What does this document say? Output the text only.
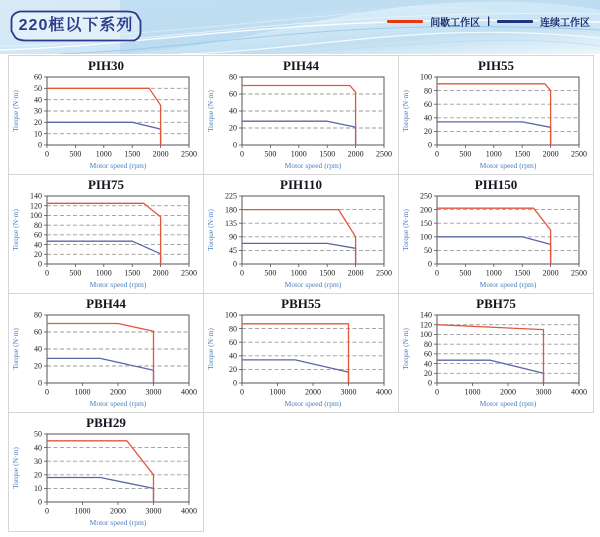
220框以下系列	间歇工作区 |	连续工作区
PIH30
0
10
20
30
40
50
60
0	500 1000 1500 2000 2500
Motor speed (rpm)
Torque (N·m)
PIH44
0
20
40
60
80
0	500 1000 1500 2000 2500
Motor speed (rpm)
Torque (N·m)
PIH55
0
20
40
60
80
100
0	500 1000 1500 2000 2500
Motor speed (rpm)
Torque (N·m)
PIH75
0
20
40
60
80
100
120
140
0	500 1000 1500 2000 2500
Motor speed (rpm)
Torque (N·m)
PIH110
0
45
90
135
180
225
0	500 1000 1500 2000 2500
Motor speed (rpm)
Torque (N·m)
PIH150
0
50
100
150
200
250
0	500 1000 1500 2000 2500
Motor speed (rpm)
Torque (N·m)
PBH44
0
20
40
60
80
0	1000 2000 3000 4000
Motor speed (rpm)
Torque (N·m)
PBH55
0
20
40
60
80
100
0	1000 2000 3000 4000
Motor speed (rpm)
Torque (N·m)
PBH75
0
20
40
60
80
100
120
140
0	1000 2000 3000 4000
Motor speed (rpm)
Torque (N·m)
PBH29
0
10
20
30
40
50
0	1000 2000 3000 4000
Motor speed (rpm)
Torque (N·m)
